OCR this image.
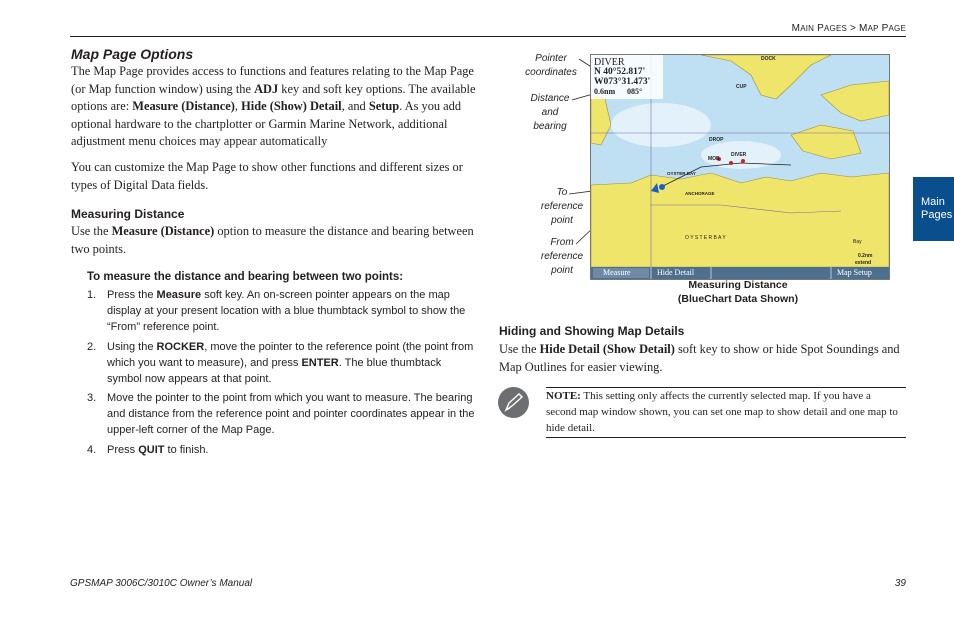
MAIN PAGES > MAP PAGE
Main
Pages
Map Page Options
The Map Page provides access to functions and features relating to the Map Page (or Map function window) using the ADJ key and soft key options. The available options are: Measure (Distance), Hide (Show) Detail, and Setup. As you add optional hardware to the chartplotter or Garmin Marine Network, additional adjustment menu choices may appear automatically
You can customize the Map Page to show other functions and different sizes or types of Digital Data fields.
Measuring Distance
Use the Measure (Distance) option to measure the distance and bearing between two points.
To measure the distance and bearing between two points:
1. Press the Measure soft key. An on-screen pointer appears on the map display at your present location with a blue thumbtack symbol to show the “From” reference point.
2. Using the ROCKER, move the pointer to the reference point (the point from which you want to measure), and press ENTER. The blue thumbtack symbol now appears at that point.
3. Move the pointer to the point from which you want to measure. The bearing and distance from the reference point and pointer coordinates appear in the upper-left corner of the Map Page.
4. Press QUIT to finish.
Pointer
coordinates
Distance
and
bearing
To
reference
point
From
reference
point
DIVER
N 40°52.817'
W073°31.473'
0.6nm 085°
DOCK
CUP
DROP
MOB
DIVER
OYSTER BAY
ANCHORAGE
O Y S T E R B A Y
Bay
0.2nm
extend
Measure	Hide Detail	Map Setup
Measuring Distance
(BlueChart Data Shown)
Hiding and Showing Map Details
Use the Hide Detail (Show Detail) soft key to show or hide Spot Soundings and Map Outlines for easier viewing.
NOTE: This setting only affects the currently selected map. If you have a second map window shown, you can set one map to show detail and one map to hide detail.
GPSMAP 3006C/3010C Owner’s Manual	39
